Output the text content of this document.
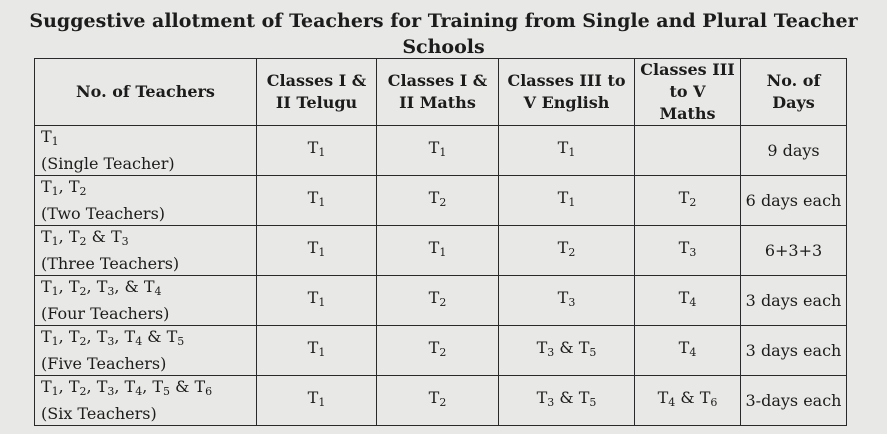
Suggestive allotment of Teachers for Training from Single and Plural Teacher Schools
No. of Teachers	Classes I & II Telugu	Classes I & II Maths	Classes III to V English	Classes III to V Maths	No. of Days

$T_1$
(Single Teacher)	$T_1$	$T_1$	$T_1$		9 days

$T_1$, $T_2$
(Two Teachers)	$T_1$	$T_2$	$T_1$	$T_2$	6 days each

$T_1$, $T_2$ & $T_3$
(Three Teachers)	$T_1$	$T_1$	$T_2$	$T_3$	6+3+3

$T_1$, $T_2$, $T_3$, & $T_4$
(Four Teachers)	$T_1$	$T_2$	$T_3$	$T_4$	3 days each

$T_1$, $T_2$, $T_3$, $T_4$ & $T_5$
(Five Teachers)	$T_1$	$T_2$	$T_3$ & $T_5$	$T_4$	3 days each

$T_1$, $T_2$, $T_3$, $T_4$, $T_5$ & $T_6$
(Six Teachers)	$T_1$	$T_2$	$T_3$ & $T_5$	$T_4$ & $T_6$	3-days each
